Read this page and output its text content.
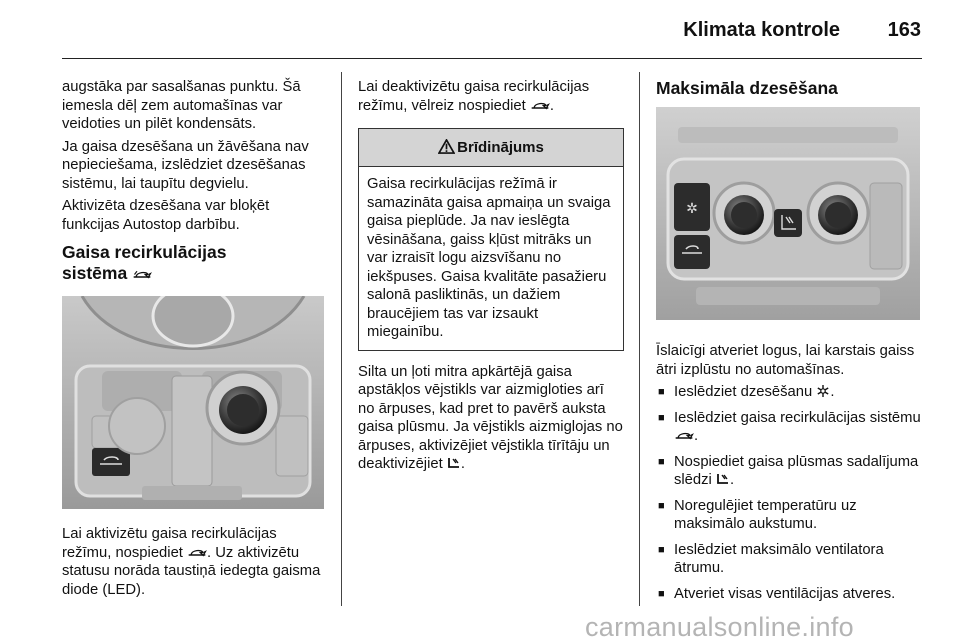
Klimata kontrole 163

augstāka par sasalšanas punktu. Šā iemesla dēļ zem automašīnas var veidoties un pilēt kondensāts.

Ja gaisa dzesēšana un žāvēšana nav nepieciešama, izslēdziet dzesēšanas sistēmu, lai taupītu degvielu.

Aktivizēta dzesēšana var bloķēt funkcijas Autostop darbību.

Gaisa recirkulācijas
sistēma

Lai aktivizētu gaisa recirkulācijas režīmu, nospiediet . Uz aktivizētu statusu norāda taustiņā iedegta gaisma diode (LED).

Lai deaktivizētu gaisa recirkulācijas režīmu, vēlreiz nospiediet .

Brīdinājums
Gaisa recirkulācijas režīmā ir samazināta gaisa apmaiņa un svaiga gaisa pieplūde. Ja nav ieslēgta vēsināšana, gaiss kļūst mitrāks un var izraisīt logu aizsvīšanu no iekšpuses. Gaisa kvalitāte pasažieru salonā pasliktinās, un dažiem braucējiem tas var izsaukt miegainību.

Silta un ļoti mitra apkārtējā gaisa apstākļos vējstikls var aizmigloties arī no ārpuses, kad pret to pavērš auksta gaisa plūsmu. Ja vējstikls aizmiglojas no ārpuses, aktivizējiet vējstikla tīrītāju un deaktivizējiet .

Maksimāla dzesēšana
✲

Īslaicīgi atveriet logus, lai karstais gaiss ātri izplūstu no automašīnas.

■ Ieslēdziet dzesēšanu .
■ Ieslēdziet gaisa recirkulācijas sistēmu .
■ Nospiediet gaisa plūsmas sadalījuma slēdzi .
■ Noregulējiet temperatūru uz maksimālo aukstumu.
■ Ieslēdziet maksimālo ventilatora ātrumu.
■ Atveriet visas ventilācijas atveres.
carmanualsonline.info
